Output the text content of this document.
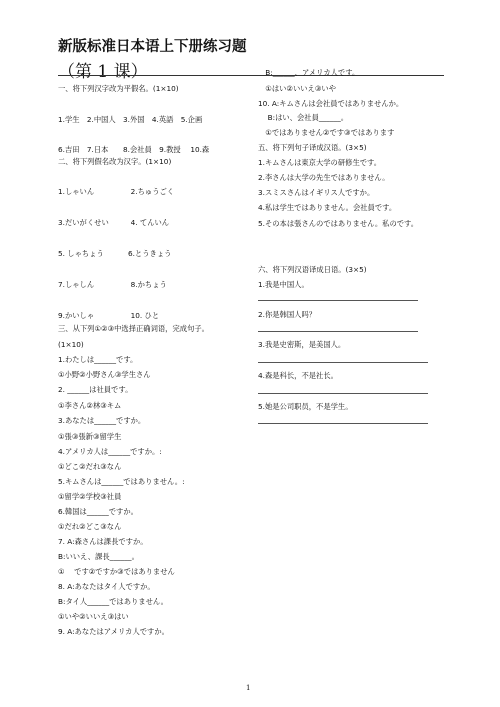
新版标准日本语上下册练习题
（第 1 课）
一、将下列汉字改为平假名。(1×10)
1.学生　2.中国人　3.外国　4.英語　5.企画
6.吉田　7.日本　　8.会社員　9.教授　 10.森
二、将下列假名改为汉字。(1×10)
1.しゃいん　　　　　2.ちゅうごく
3.だいがくせい　　　4. てんいん
5. しゃちょう　　　 6.とうきょう
7.しゃしん　　　　　8.かちょう
9.かいしゃ　　　　　10. ひと
三、从下列①②③中选择正确词语，完成句子。
(1×10)
1.わたしは______です。
①小野②小野さん③学生さん
2. ______は社員です。
①李さん②林③キム
3.あなたは______ですか。
①張③張新③留学生
4.アメリカ人は______ですか。:
①どこ②だれ③なん
5.キムさんは______ではありません。:
①留学②学校③社員
6.韓国は______ですか。
①だれ②どこ③なん
7. A:森さんは課長ですか。
B:いいえ、課長______。
①　 です②ですか③ではありません
8. A:あなたはタイ人ですか。
B:タイ人______ではありません。
①いや②いいえ③はい
9. A:あなたはアメリカ人ですか。
　B:______、アメリカ人です。
　①はい②いいえ③いや
10. A:キムさんは会社員ではありませんか。
　 B:はい、会社員______。
　①ではありません②です③ではあります
五、将下列句子译成汉语。(3×5)
1.キムさんは東京大学の研修生です。
2.李さんは大学の先生ではありません。
3.スミスさんはイギリス人ですか。
4.私は学生ではありません。会社員です。
5.その本は張さんのではありません。私のです。
六、将下列汉语译成日语。(3×5)
1.我是中国人。
2.你是韩国人吗？
3.我是史密斯，是美国人。
4.森是科长，不是社长。
5.她是公司职员，不是学生。
1
